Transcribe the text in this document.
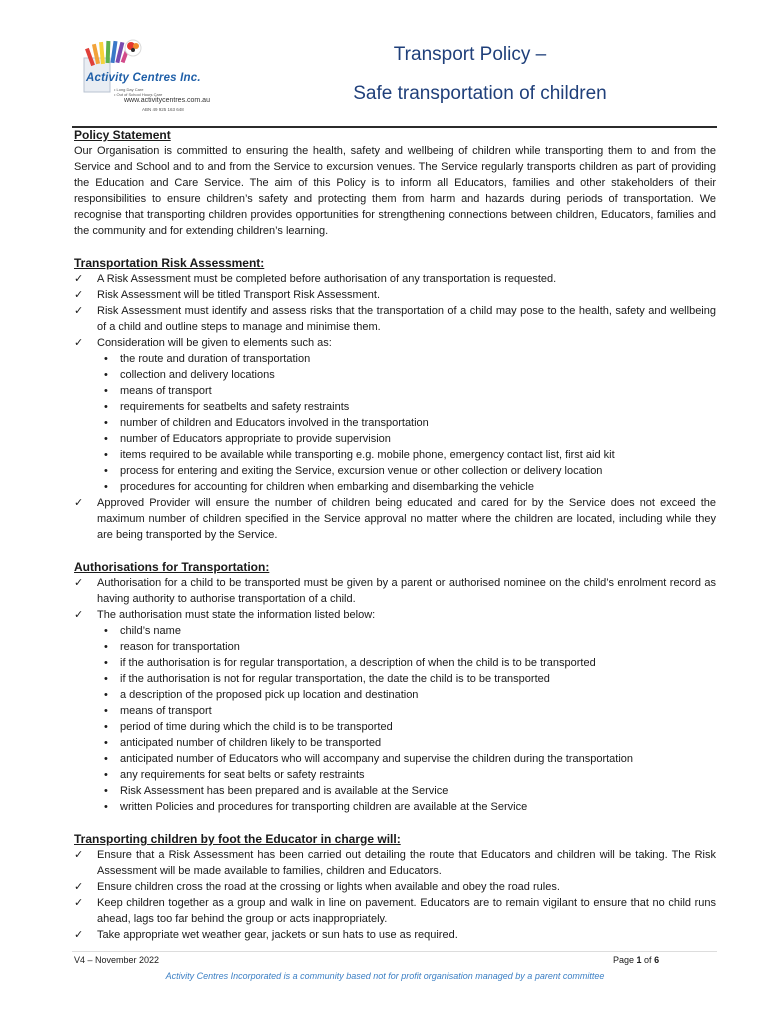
Activity Centres Inc.
• Long Day Care
• Out of School Hours Care
www.activitycentres.com.au
ABN 49 925 163 648
Transport Policy –
Safe transportation of children
Policy Statement

Our Organisation is committed to ensuring the health, safety and wellbeing of children while transporting them to and from the Service and School and to and from the Service to excursion venues. The Service regularly transports children as part of providing the Education and Care Service. The aim of this Policy is to inform all Educators, families and other stakeholders of their responsibilities to ensure children’s safety and protecting them from harm and hazards during periods of transportation. We recognise that transporting children provides opportunities for strengthening connections between children, Educators, families and the community and for extending children’s learning.

Transportation Risk Assessment:
✓	A Risk Assessment must be completed before authorisation of any transportation is requested.
✓	Risk Assessment will be titled Transport Risk Assessment.
✓	Risk Assessment must identify and assess risks that the transportation of a child may pose to the health, safety and wellbeing of a child and outline steps to manage and minimise them.
✓	Consideration will be given to elements such as:
• the route and duration of transportation
• collection and delivery locations
• means of transport
• requirements for seatbelts and safety restraints
• number of children and Educators involved in the transportation
• number of Educators appropriate to provide supervision
• items required to be available while transporting e.g. mobile phone, emergency contact list, first aid kit
• process for entering and exiting the Service, excursion venue or other collection or delivery location
• procedures for accounting for children when embarking and disembarking the vehicle
✓	Approved Provider will ensure the number of children being educated and cared for by the Service does not exceed the maximum number of children specified in the Service approval no matter where the children are located, including while they are being transported by the Service.
Authorisations for Transportation:
✓	Authorisation for a child to be transported must be given by a parent or authorised nominee on the child’s enrolment record as having authority to authorise transportation of a child.
✓	The authorisation must state the information listed below:
• child’s name
• reason for transportation
• if the authorisation is for regular transportation, a description of when the child is to be transported
• if the authorisation is not for regular transportation, the date the child is to be transported
• a description of the proposed pick up location and destination
• means of transport
• period of time during which the child is to be transported
• anticipated number of children likely to be transported
• anticipated number of Educators who will accompany and supervise the children during the transportation
• any requirements for seat belts or safety restraints
• Risk Assessment has been prepared and is available at the Service
• written Policies and procedures for transporting children are available at the Service
Transporting children by foot the Educator in charge will:
✓	Ensure that a Risk Assessment has been carried out detailing the route that Educators and children will be taking. The Risk Assessment will be made available to families, children and Educators.
✓	Ensure children cross the road at the crossing or lights when available and obey the road rules.
✓	Keep children together as a group and walk in line on pavement. Educators are to remain vigilant to ensure that no child runs ahead, lags too far behind the group or acts inappropriately.
✓	Take appropriate wet weather gear, jackets or sun hats to use as required.
V4 – November 2022	Page 1 of 6
Activity Centres Incorporated is a community based not for profit organisation managed by a parent committee
